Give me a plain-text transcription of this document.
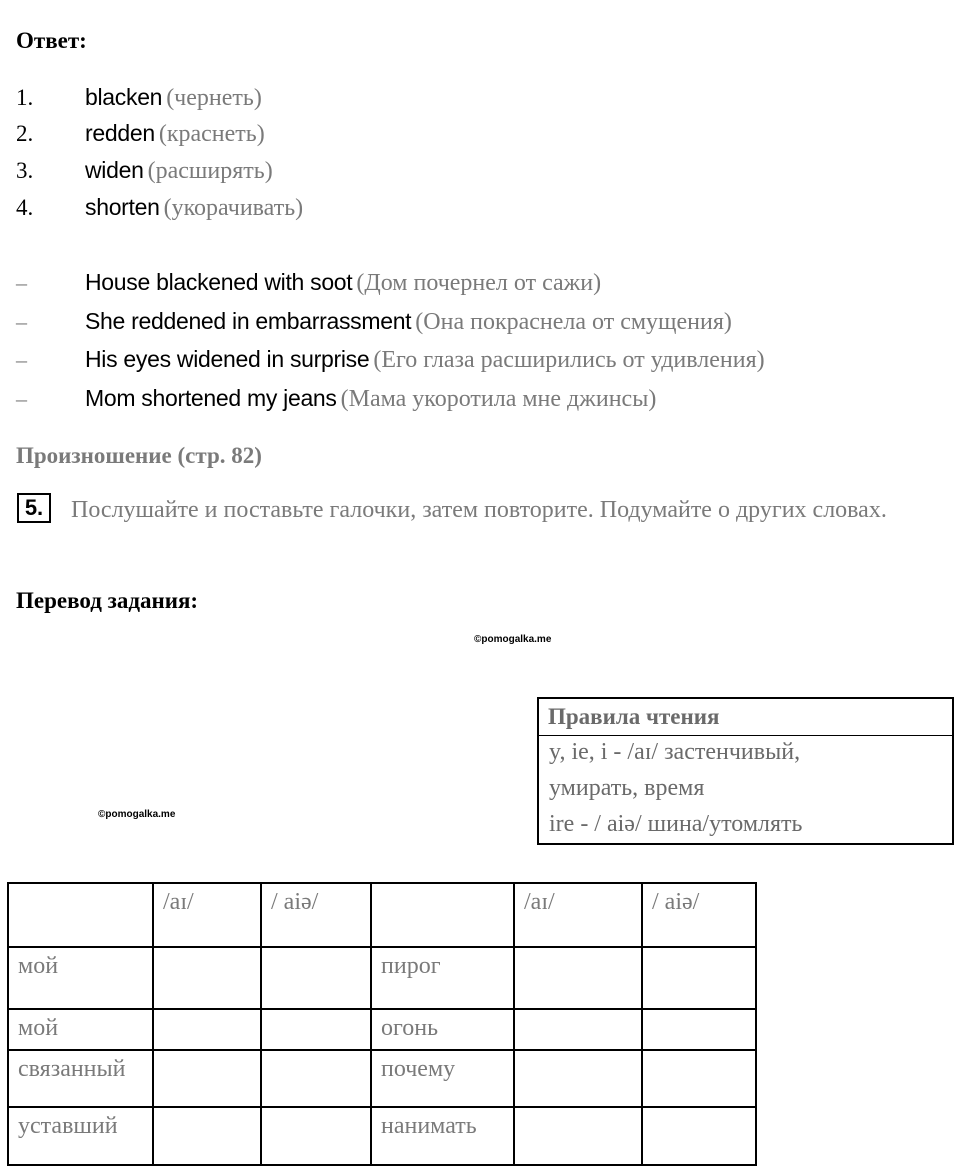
Ответ:
1. blacken (чернеть)
2. redden (краснеть)
3. widen (расширять)
4. shorten (укорачивать)
–	House blackened with soot (Дом почернел от сажи)
–	She reddened in embarrassment (Она покраснела от смущения)
–	His eyes widened in surprise (Его глаза расширились от удивления)
–	Mom shortened my jeans (Мама укоротила мне джинсы)
Произношение (стр. 82)
Послушайте и поставьте галочки, затем повторите. Подумайте о других словах.
5.
Перевод задания:
©pomogalka.me
©pomogalka.me
Правила чтения
y, ie, i - /aɪ/ застенчивый,
умирать, время
ire - / aiə/ шина/утомлять
	/aɪ/	/ aiə/		/aɪ/	/ aiə/
мой			пирог		
мой			огонь		
связанный			почему		
уставший			нанимать		
